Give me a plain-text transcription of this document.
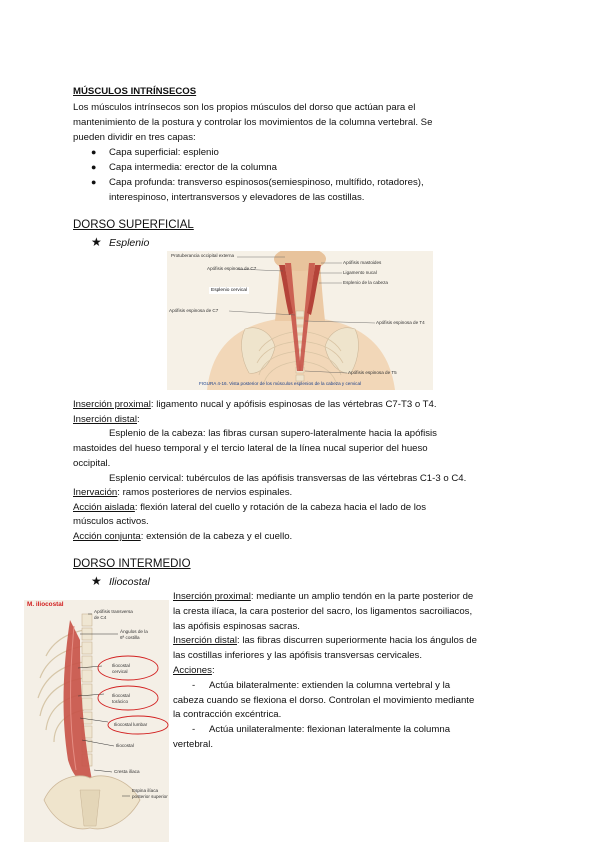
MÚSCULOS INTRÍNSECOS
Los músculos intrínsecos son los propios músculos del dorso que actúan para el
mantenimiento de la postura y controlar los movimientos de la columna vertebral. Se
pueden dividir en tres capas:
● Capa superficial: esplenio
● Capa intermedia: erector de la columna
● Capa profunda: transverso espinosos(semiespinoso, multífido, rotadores),
interespinoso, intertransversos y elevadores de las costillas.
DORSO SUPERFICIAL
★ Esplenio
Protuberancia occipital externa
Apófisis espinosa de C7
Apófisis mastoides
Ligamento nucal
Esplenio de la cabeza
Esplenio cervical
Apófisis espinosa de C7
Apófisis espinosa de T4
Apófisis espinosa de T5
FIGURA 4-16. Vista posterior de los músculos esplenios de la cabeza y cervical
Inserción proximal: ligamento nucal y apófisis espinosas de las vértebras C7-T3 o T4.
Inserción distal:
Esplenio de la cabeza: las fibras cursan supero-lateralmente hacia la apófisis
mastoides del hueso temporal y el tercio lateral de la línea nucal superior del hueso
occipital.
Esplenio cervical: tubérculos de las apófisis transversas de las vértebras C1-3 o C4.
Inervación: ramos posteriores de nervios espinales.
Acción aislada: flexión lateral del cuello y rotación de la cabeza hacia el lado de los
músculos activos.
Acción conjunta: extensión de la cabeza y el cuello.
DORSO INTERMEDIO
★ Iliocostal
M. iliocostal
Apófisis transversa
de C4
Ángulos de la
6ª costilla
Iliocostal
cervical
Iliocostal
torácico
Iliocostal lumbar
Iliocostal
Cresta ilíaca
Espina ilíaca
posterior superior
Inserción proximal: mediante un amplio tendón en la parte posterior de
la cresta ilíaca, la cara posterior del sacro, los ligamentos sacroiliacos,
las apófisis espinosas sacras.
Inserción distal: las fibras discurren superiormente hacia los ángulos de
las costillas inferiores y las apófisis transversas cervicales.
Acciones:
- Actúa bilateralmente: extienden la columna vertebral y la
cabeza cuando se flexiona el dorso. Controlan el movimiento mediante
la contracción excéntrica.
- Actúa unilateralmente: flexionan lateralmente la columna
vertebral.
